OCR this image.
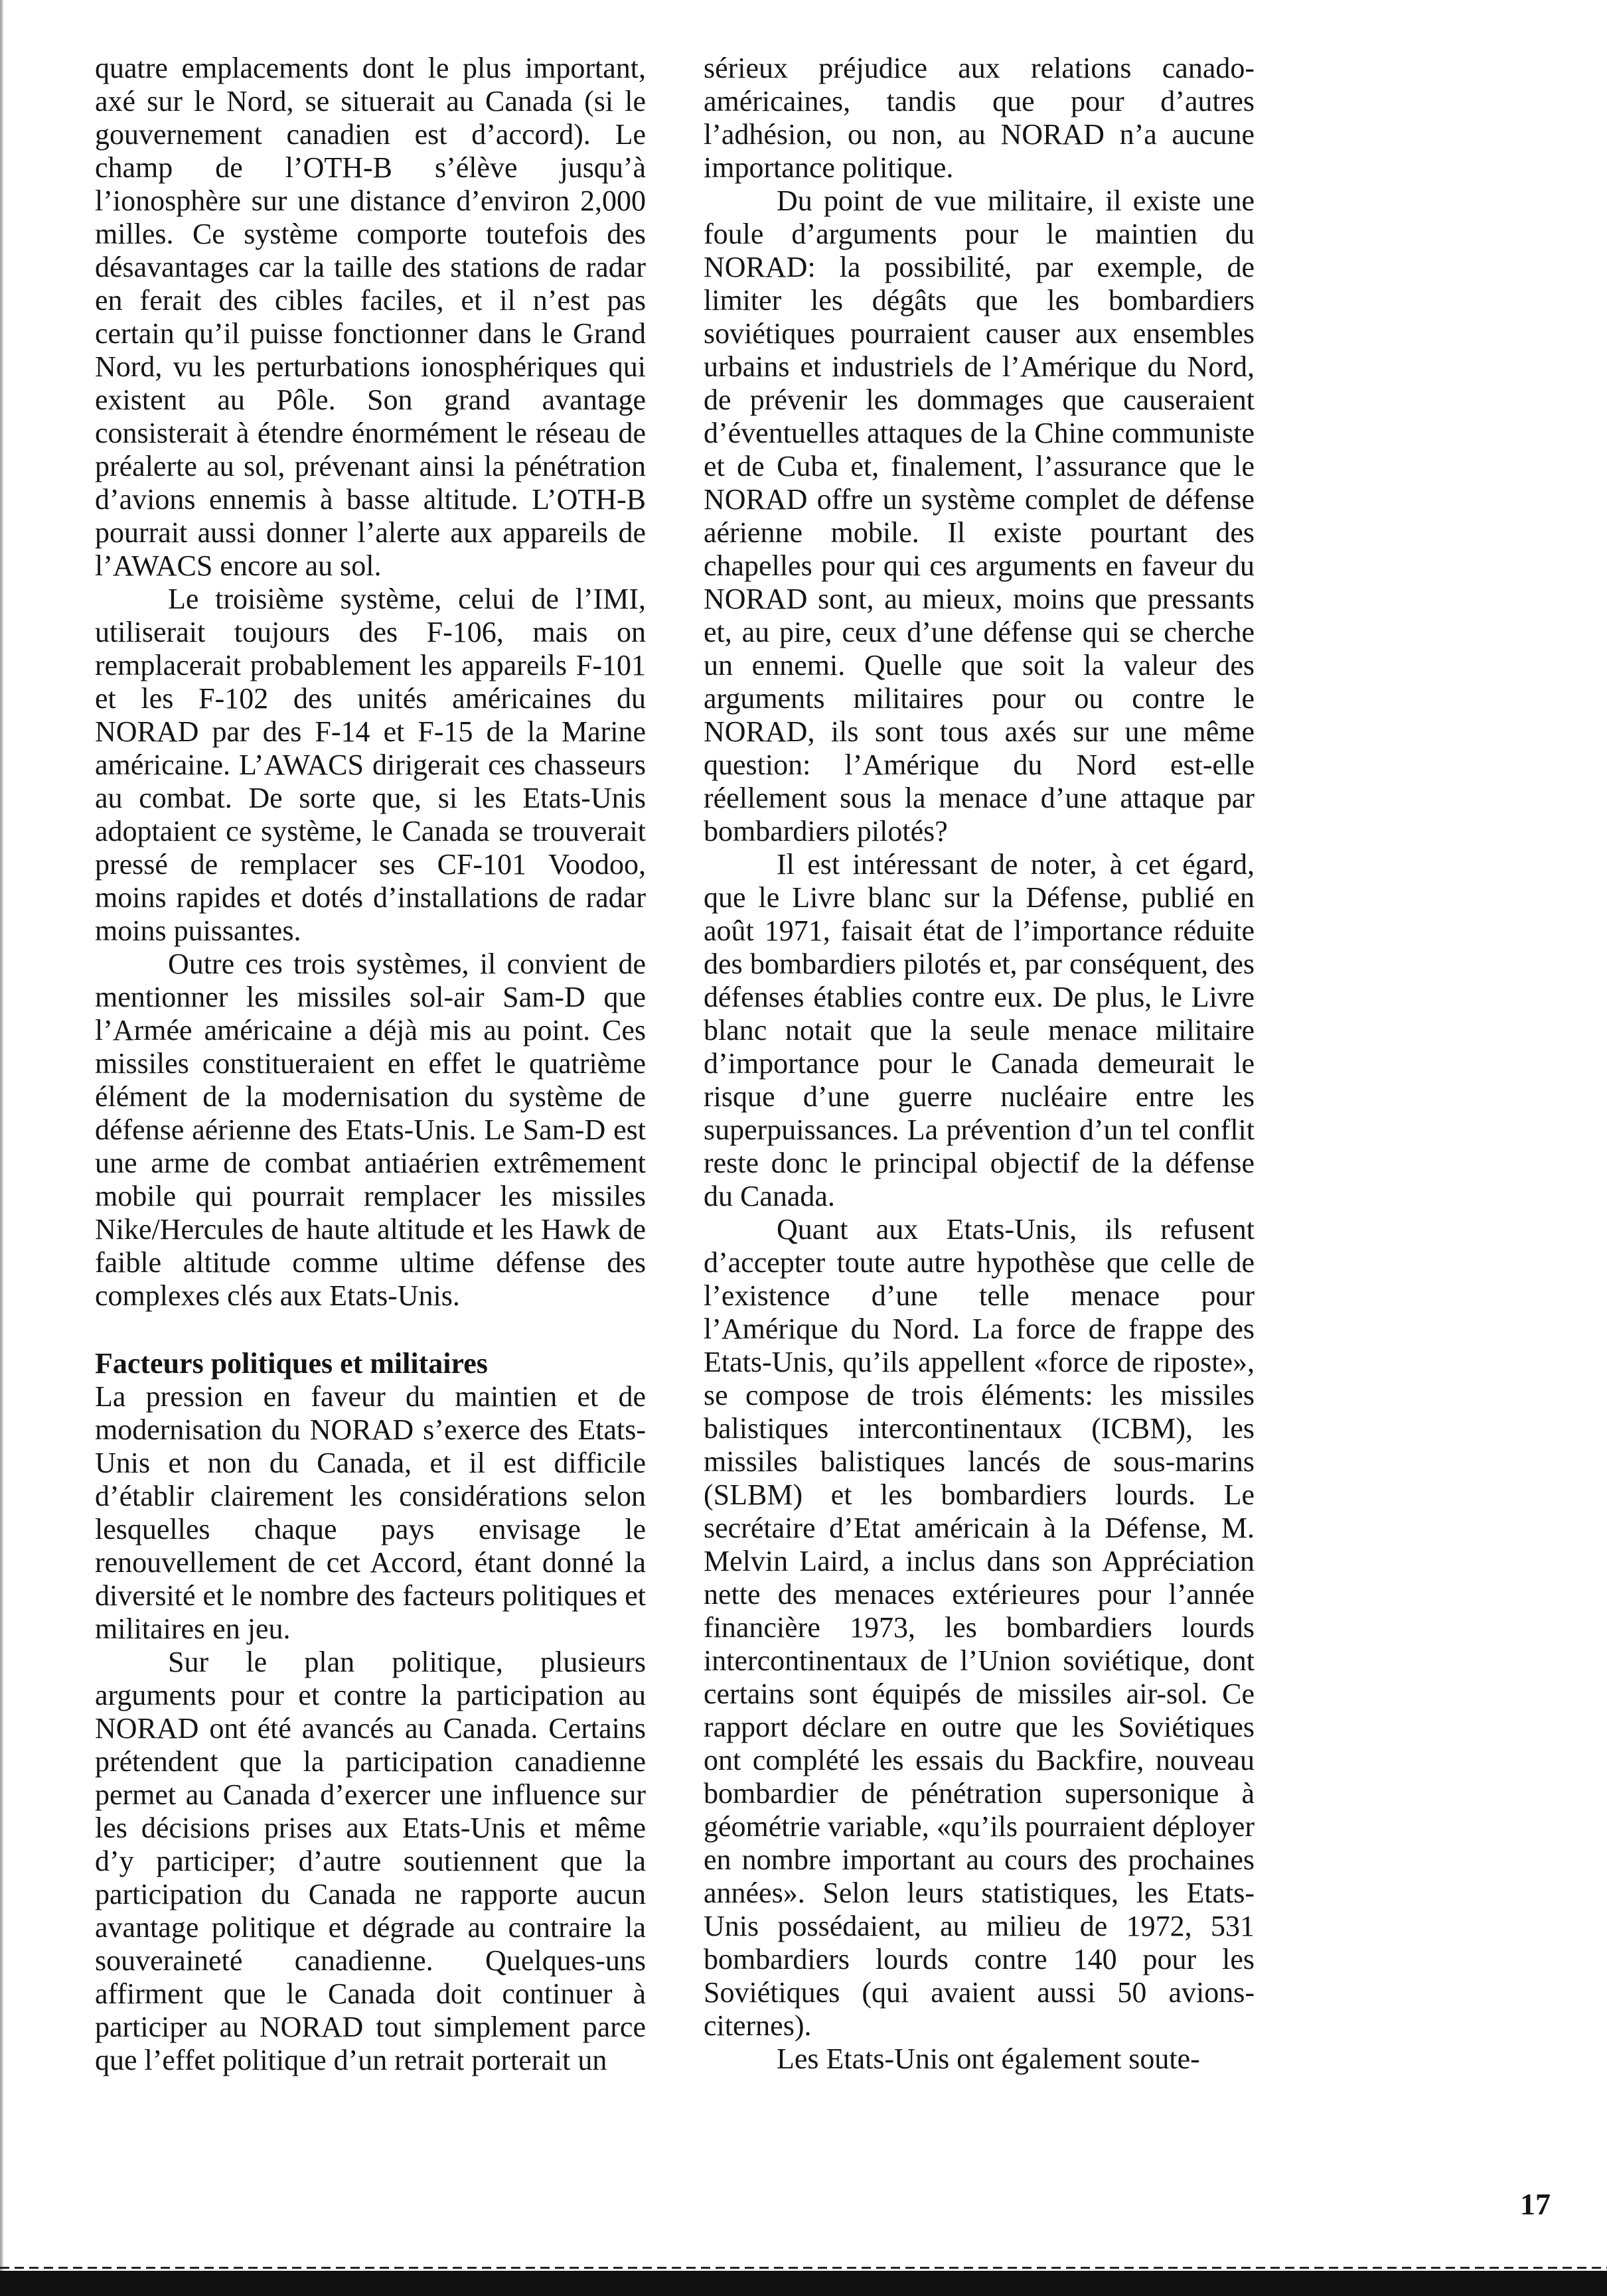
quatre emplacements dont le plus important, axé sur le Nord, se situerait au Canada (si le gouvernement canadien est d’accord). Le champ de l’OTH-B s’élève jusqu’à l’ionosphère sur une distance d’environ 2,000 milles. Ce système comporte toutefois des désavantages car la taille des stations de radar en ferait des cibles faciles, et il n’est pas certain qu’il puisse fonctionner dans le Grand Nord, vu les perturbations ionosphériques qui existent au Pôle. Son grand avantage consisterait à étendre énormément le réseau de préalerte au sol, prévenant ainsi la pénétration d’avions ennemis à basse altitude. L’OTH-B pourrait aussi donner l’alerte aux appareils de l’AWACS encore au sol.

Le troisième système, celui de l’IMI, utiliserait toujours des F-106, mais on remplacerait probablement les appareils F-101 et les F-102 des unités américaines du NORAD par des F-14 et F-15 de la Marine américaine. L’AWACS dirigerait ces chasseurs au combat. De sorte que, si les Etats-Unis adoptaient ce système, le Canada se trouverait pressé de remplacer ses CF-101 Voodoo, moins rapides et dotés d’installations de radar moins puissantes.

Outre ces trois systèmes, il convient de mentionner les missiles sol-air Sam-D que l’Armée américaine a déjà mis au point. Ces missiles constitueraient en effet le quatrième élément de la modernisation du système de défense aérienne des Etats-Unis. Le Sam-D est une arme de combat antiaérien extrêmement mobile qui pourrait remplacer les missiles Nike/Hercules de haute altitude et les Hawk de faible altitude comme ultime défense des complexes clés aux Etats-Unis.

Facteurs politiques et militaires

La pression en faveur du maintien et de modernisation du NORAD s’exerce des Etats-Unis et non du Canada, et il est difficile d’établir clairement les considérations selon lesquelles chaque pays envisage le renouvellement de cet Accord, étant donné la diversité et le nombre des facteurs politiques et militaires en jeu.

Sur le plan politique, plusieurs arguments pour et contre la participation au NORAD ont été avancés au Canada. Certains prétendent que la participation canadienne permet au Canada d’exercer une influence sur les décisions prises aux Etats-Unis et même d’y participer; d’autre soutiennent que la participation du Canada ne rapporte aucun avantage politique et dégrade au contraire la souveraineté canadienne. Quelques-uns affirment que le Canada doit continuer à participer au NORAD tout simplement parce que l’effet politique d’un retrait porterait un

sérieux préjudice aux relations canado-américaines, tandis que pour d’autres l’adhésion, ou non, au NORAD n’a aucune importance politique.

Du point de vue militaire, il existe une foule d’arguments pour le maintien du NORAD: la possibilité, par exemple, de limiter les dégâts que les bombardiers soviétiques pourraient causer aux ensembles urbains et industriels de l’Amérique du Nord, de prévenir les dommages que causeraient d’éventuelles attaques de la Chine communiste et de Cuba et, finalement, l’assurance que le NORAD offre un système complet de défense aérienne mobile. Il existe pourtant des chapelles pour qui ces arguments en faveur du NORAD sont, au mieux, moins que pressants et, au pire, ceux d’une défense qui se cherche un ennemi. Quelle que soit la valeur des arguments militaires pour ou contre le NORAD, ils sont tous axés sur une même question: l’Amérique du Nord est-elle réellement sous la menace d’une attaque par bombardiers pilotés?

Il est intéressant de noter, à cet égard, que le Livre blanc sur la Défense, publié en août 1971, faisait état de l’importance réduite des bombardiers pilotés et, par conséquent, des défenses établies contre eux. De plus, le Livre blanc notait que la seule menace militaire d’importance pour le Canada demeurait le risque d’une guerre nucléaire entre les superpuissances. La prévention d’un tel conflit reste donc le principal objectif de la défense du Canada.

Quant aux Etats-Unis, ils refusent d’accepter toute autre hypothèse que celle de l’existence d’une telle menace pour l’Amérique du Nord. La force de frappe des Etats-Unis, qu’ils appellent «force de riposte», se compose de trois éléments: les missiles balistiques intercontinentaux (ICBM), les missiles balistiques lancés de sous-marins (SLBM) et les bombardiers lourds. Le secrétaire d’Etat américain à la Défense, M. Melvin Laird, a inclus dans son Appréciation nette des menaces extérieures pour l’année financière 1973, les bombardiers lourds intercontinentaux de l’Union soviétique, dont certains sont équipés de missiles air-sol. Ce rapport déclare en outre que les Soviétiques ont complété les essais du Backfire, nouveau bombardier de pénétration supersonique à géométrie variable, «qu’ils pourraient déployer en nombre important au cours des prochaines années». Selon leurs statistiques, les Etats-Unis possédaient, au milieu de 1972, 531 bombardiers lourds contre 140 pour les Soviétiques (qui avaient aussi 50 avions-citernes).

Les Etats-Unis ont également soute-

17
